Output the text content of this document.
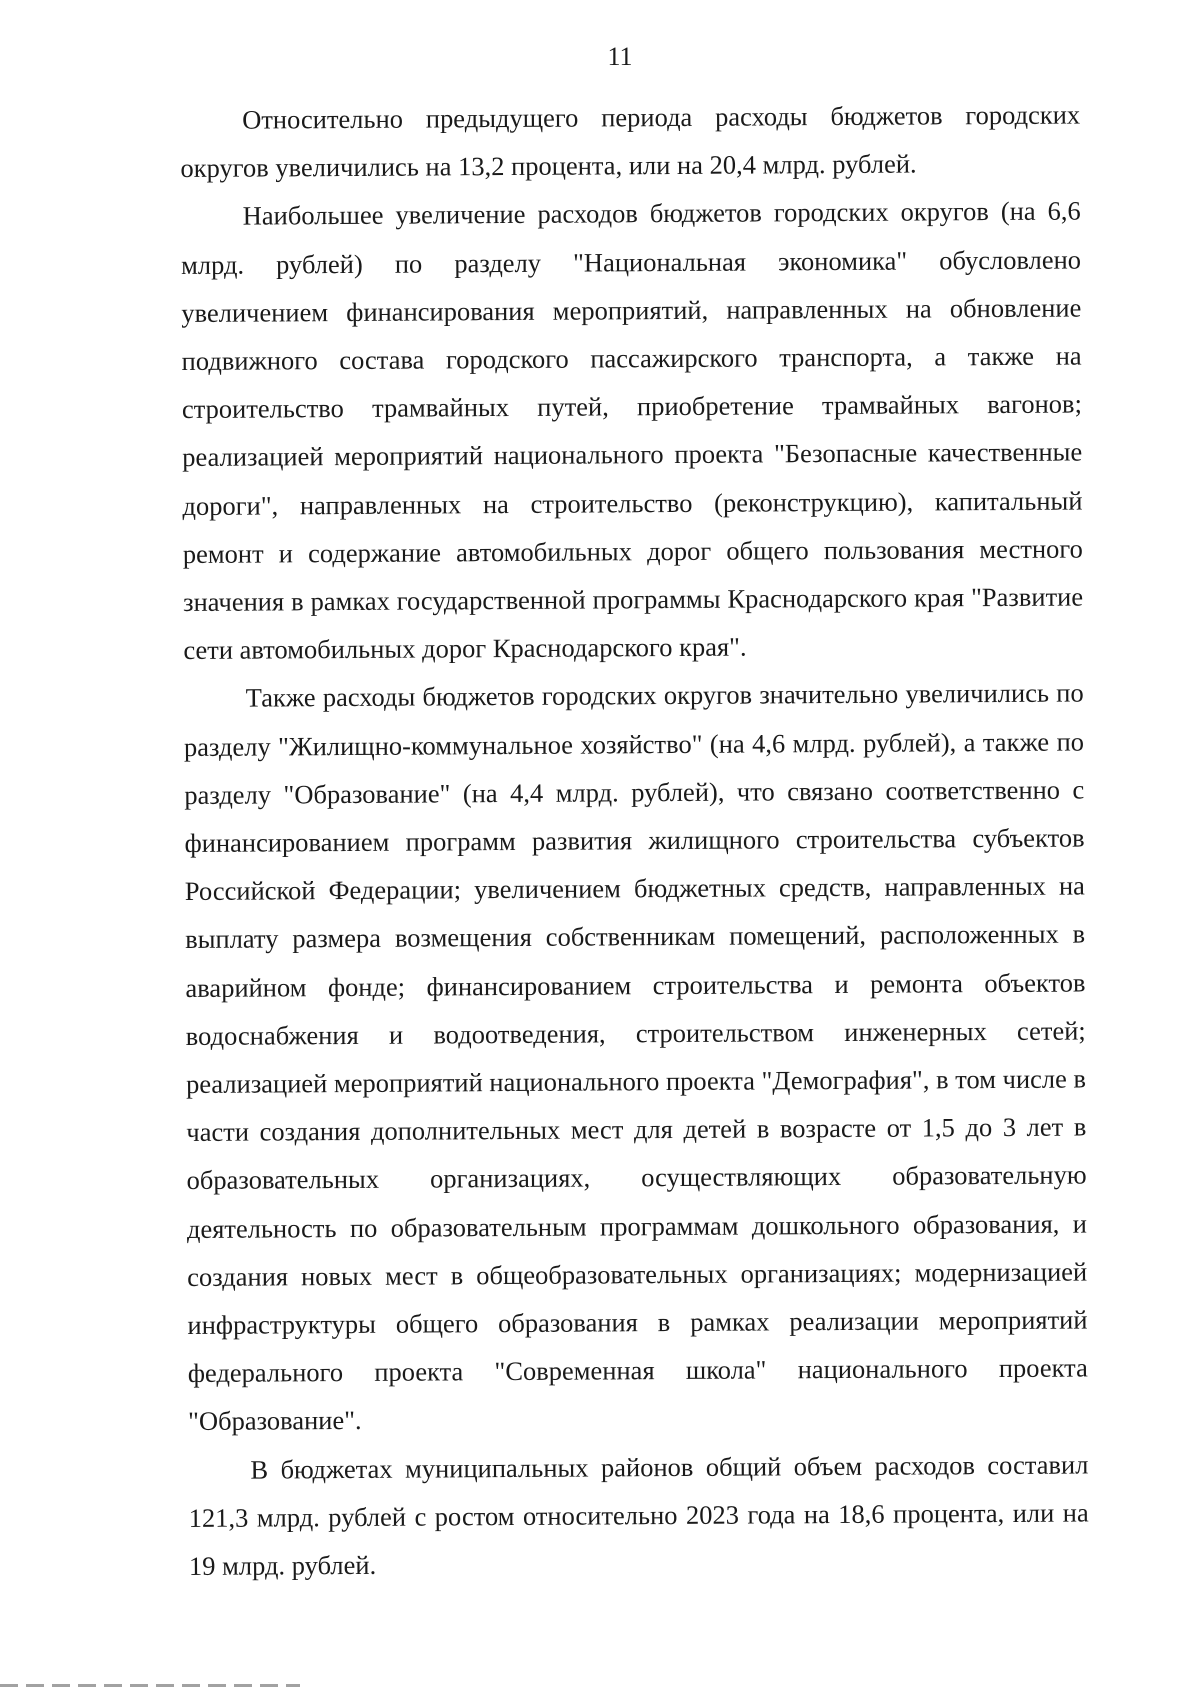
11

Относительно предыдущего периода расходы бюджетов городских округов увеличились на 13,2 процента, или на 20,4 млрд. рублей.

Наибольшее увеличение расходов бюджетов городских округов (на 6,6 млрд. рублей) по разделу "Национальная экономика" обусловлено увеличением финансирования мероприятий, направленных на обновление подвижного состава городского пассажирского транспорта, а также на строительство трамвайных путей, приобретение трамвайных вагонов; реализацией мероприятий национального проекта "Безопасные качественные дороги", направленных на строительство (реконструкцию), капитальный ремонт и содержание автомобильных дорог общего пользования местного значения в рамках государственной программы Краснодарского края "Развитие сети автомобильных дорог Краснодарского края".

Также расходы бюджетов городских округов значительно увеличились по разделу "Жилищно-коммунальное хозяйство" (на 4,6 млрд. рублей), а также по разделу "Образование" (на 4,4 млрд. рублей), что связано соответственно с финансированием программ развития жилищного строительства субъектов Российской Федерации; увеличением бюджетных средств, направленных на выплату размера возмещения собственникам помещений, расположенных в аварийном фонде; финансированием строительства и ремонта объектов водоснабжения и водоотведения, строительством инженерных сетей; реализацией мероприятий национального проекта "Демография", в том числе в части создания дополнительных мест для детей в возрасте от 1,5 до 3 лет в образовательных организациях, осуществляющих образовательную деятельность по образовательным программам дошкольного образования, и создания новых мест в общеобразовательных организациях; модернизацией инфраструктуры общего образования в рамках реализации мероприятий федерального проекта "Современная школа" национального проекта "Образование".

В бюджетах муниципальных районов общий объем расходов составил 121,3 млрд. рублей с ростом относительно 2023 года на 18,6 процента, или на 19 млрд. рублей.
